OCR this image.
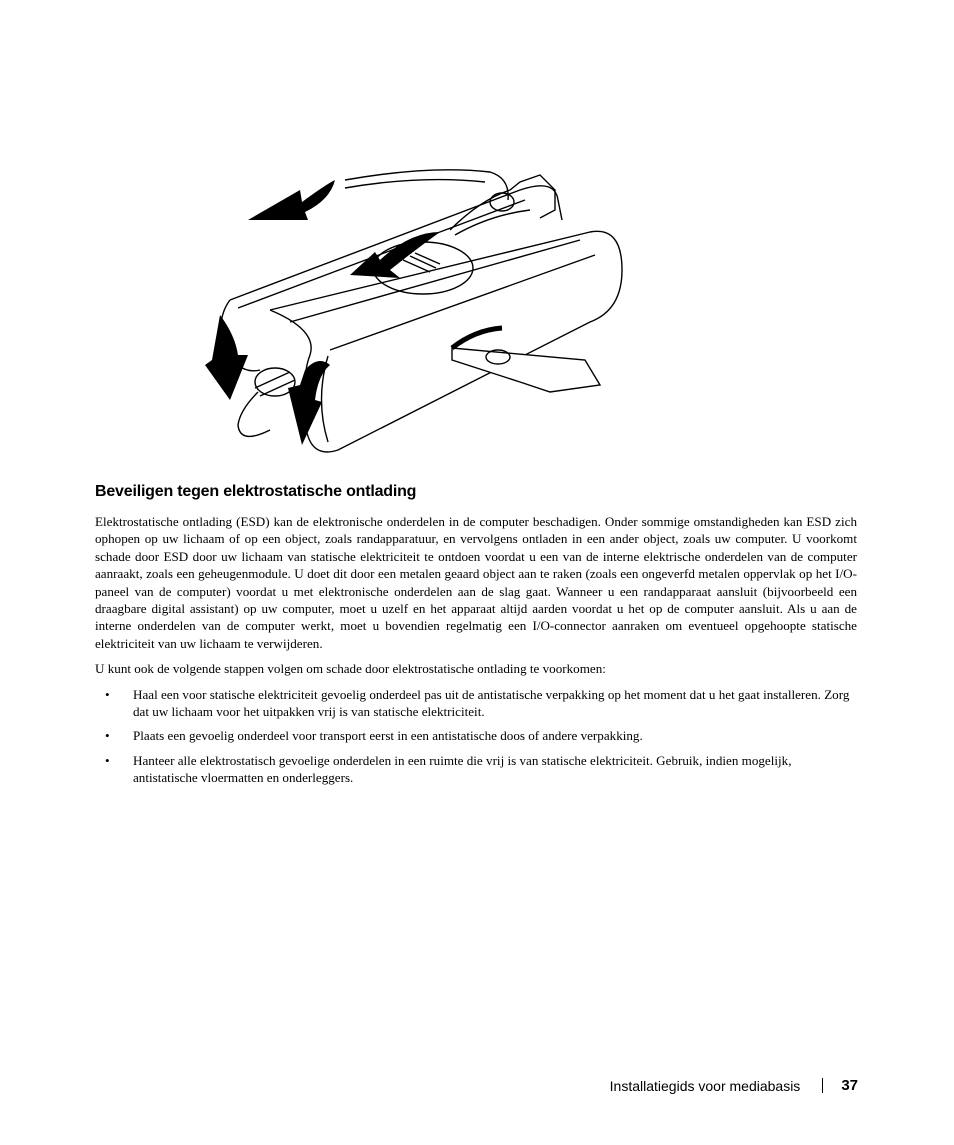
Beveiligen tegen elektrostatische ontlading

Elektrostatische ontlading (ESD) kan de elektronische onderdelen in de computer beschadigen. Onder sommige omstandigheden kan ESD zich ophopen op uw lichaam of op een object, zoals randapparatuur, en vervolgens ontladen in een ander object, zoals uw computer. U voorkomt schade door ESD door uw lichaam van statische elektriciteit te ontdoen voordat u een van de interne elektrische onderdelen van de computer aanraakt, zoals een geheugenmodule. U doet dit door een metalen geaard object aan te raken (zoals een ongeverfd metalen oppervlak op het I/O-paneel van de computer) voordat u met elektronische onderdelen aan de slag gaat. Wanneer u een randapparaat aansluit (bijvoorbeeld een draagbare digital assistant) op uw computer, moet u uzelf en het apparaat altijd aarden voordat u het op de computer aansluit. Als u aan de interne onderdelen van de computer werkt, moet u bovendien regelmatig een I/O-connector aanraken om eventueel opgehoopte statische elektriciteit van uw lichaam te verwijderen.

U kunt ook de volgende stappen volgen om schade door elektrostatische ontlading te voorkomen:

• Haal een voor statische elektriciteit gevoelig onderdeel pas uit de antistatische verpakking op het moment dat u het gaat installeren. Zorg dat uw lichaam voor het uitpakken vrij is van statische elektriciteit.
• Plaats een gevoelig onderdeel voor transport eerst in een antistatische doos of andere verpakking.
• Hanteer alle elektrostatisch gevoelige onderdelen in een ruimte die vrij is van statische elektriciteit. Gebruik, indien mogelijk, antistatische vloermatten en onderleggers.
Installatiegids voor mediabasis	37
